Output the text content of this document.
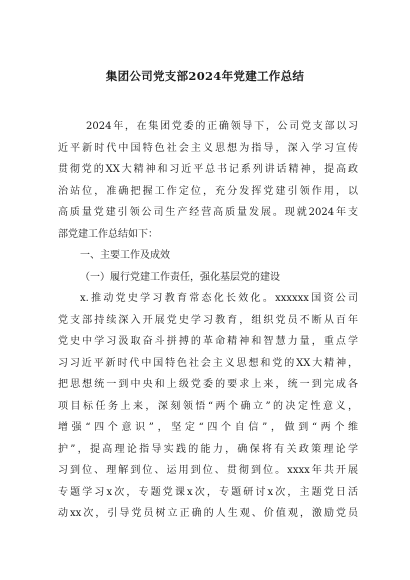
集团公司党支部2024年党建工作总结
2024年，在集团党委的正确领导下，公司党支部以习
近平新时代中国特色社会主义思想为指导，深入学习宣传
贯彻党的XX大精神和习近平总书记系列讲话精神，提高政
治站位，准确把握工作定位，充分发挥党建引领作用，以
高质量党建引领公司生产经营高质量发展。现就2024年支
部党建工作总结如下：
一、主要工作及成效
（一）履行党建工作责任，强化基层党的建设
x.推动党史学习教育常态化长效化。xxxxxx国资公司
党支部持续深入开展党史学习教育，组织党员不断从百年
党史中学习汲取奋斗拼搏的革命精神和智慧力量，重点学
习习近平新时代中国特色社会主义思想和党的XX大精神，
把思想统一到中央和上级党委的要求上来，统一到完成各
项目标任务上来，深刻领悟“两个确立”的决定性意义，
增强“四个意识”，坚定“四个自信”，做到“两个维
护”，提高理论指导实践的能力，确保将有关政策理论学
习到位、理解到位、运用到位、贯彻到位。xxxx年共开展
专题学习x次，专题党课x次，专题研讨x次，主题党日活
动xx次，引导党员树立正确的人生观、价值观，激励党员
